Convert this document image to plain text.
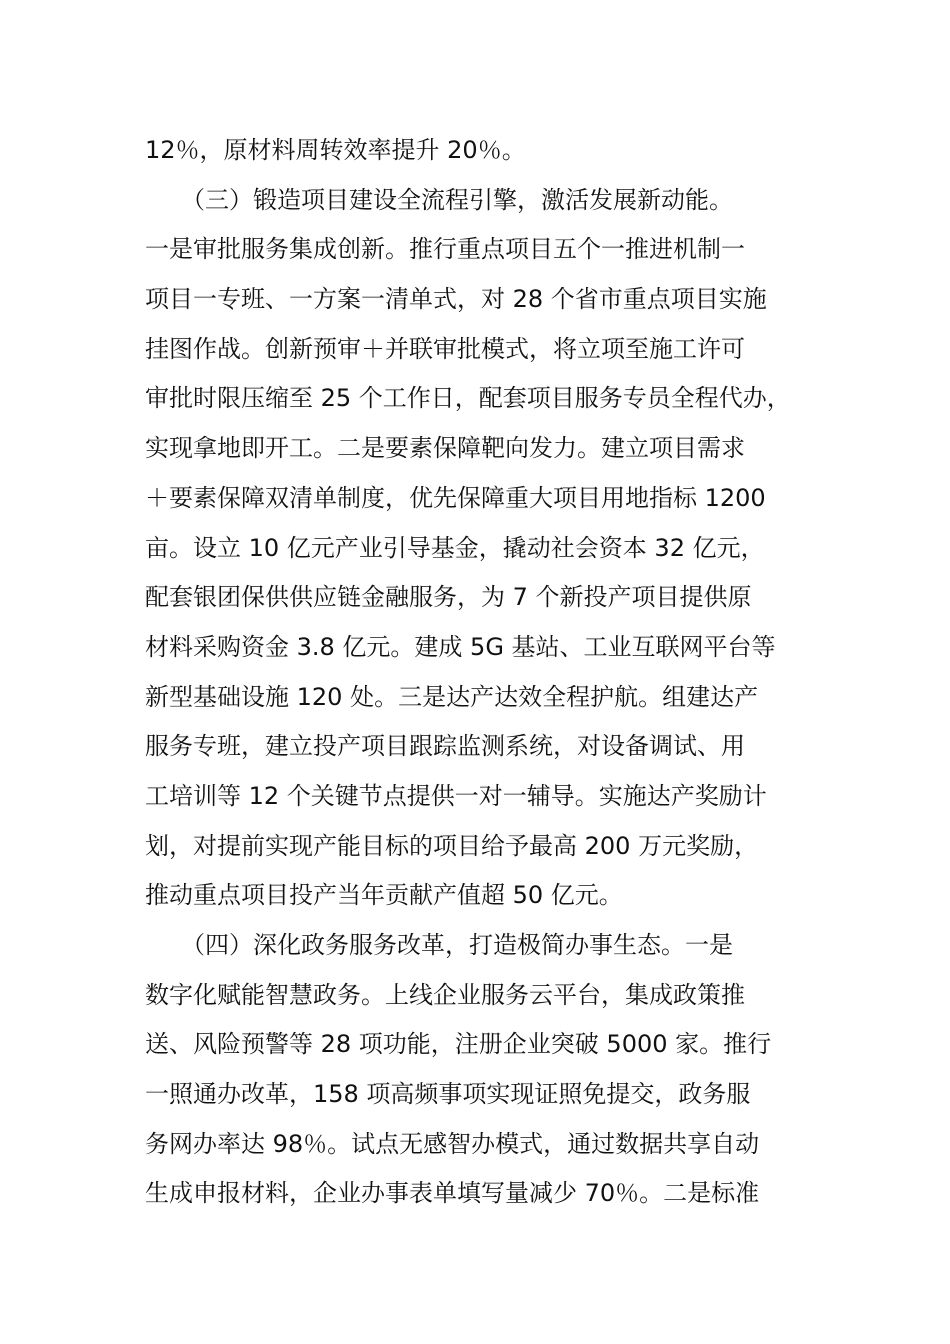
12％，原材料周转效率提升 20％。
　　（三）锻造项目建设全流程引擎，激活发展新动能。
一是审批服务集成创新。推行重点项目五个一推进机制一
项目一专班、一方案一清单式，对 28 个省市重点项目实施
挂图作战。创新预审＋并联审批模式，将立项至施工许可
审批时限压缩至 25 个工作日，配套项目服务专员全程代办，
实现拿地即开工。二是要素保障靶向发力。建立项目需求
＋要素保障双清单制度，优先保障重大项目用地指标 1200
亩。设立 10 亿元产业引导基金，撬动社会资本 32 亿元，
配套银团保供供应链金融服务，为 7 个新投产项目提供原
材料采购资金 3.8 亿元。建成 5G 基站、工业互联网平台等
新型基础设施 120 处。三是达产达效全程护航。组建达产
服务专班，建立投产项目跟踪监测系统，对设备调试、用
工培训等 12 个关键节点提供一对一辅导。实施达产奖励计
划，对提前实现产能目标的项目给予最高 200 万元奖励，
推动重点项目投产当年贡献产值超 50 亿元。
　　（四）深化政务服务改革，打造极简办事生态。一是
数字化赋能智慧政务。上线企业服务云平台，集成政策推
送、风险预警等 28 项功能，注册企业突破 5000 家。推行
一照通办改革，158 项高频事项实现证照免提交，政务服
务网办率达 98％。试点无感智办模式，通过数据共享自动
生成申报材料，企业办事表单填写量减少 70％。二是标准
